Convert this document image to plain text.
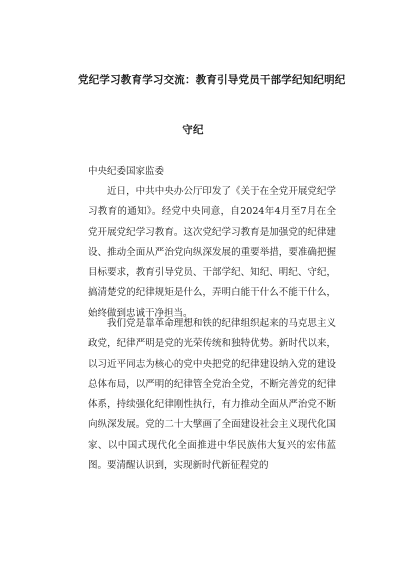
党纪学习教育学习交流：教育引导党员干部学纪知纪明纪
守纪
中央纪委国家监委

近日，中共中央办公厅印发了《关于在全党开展党纪学习教育的通知》。经党中央同意，自2024年4月至7月在全党开展党纪学习教育。这次党纪学习教育是加强党的纪律建设、推动全面从严治党向纵深发展的重要举措，要准确把握目标要求，教育引导党员、干部学纪、知纪、明纪、守纪，搞清楚党的纪律规矩是什么，弄明白能干什么不能干什么，始终做到忠诚干净担当。

我们党是靠革命理想和铁的纪律组织起来的马克思主义政党，纪律严明是党的光荣传统和独特优势。新时代以来，以习近平同志为核心的党中央把党的纪律建设纳入党的建设总体布局，以严明的纪律管全党治全党，不断完善党的纪律体系，持续强化纪律刚性执行，有力推动全面从严治党不断向纵深发展。党的二十大擘画了全面建设社会主义现代化国家、以中国式现代化全面推进中华民族伟大复兴的宏伟蓝图。要清醒认识到，实现新时代新征程党的
